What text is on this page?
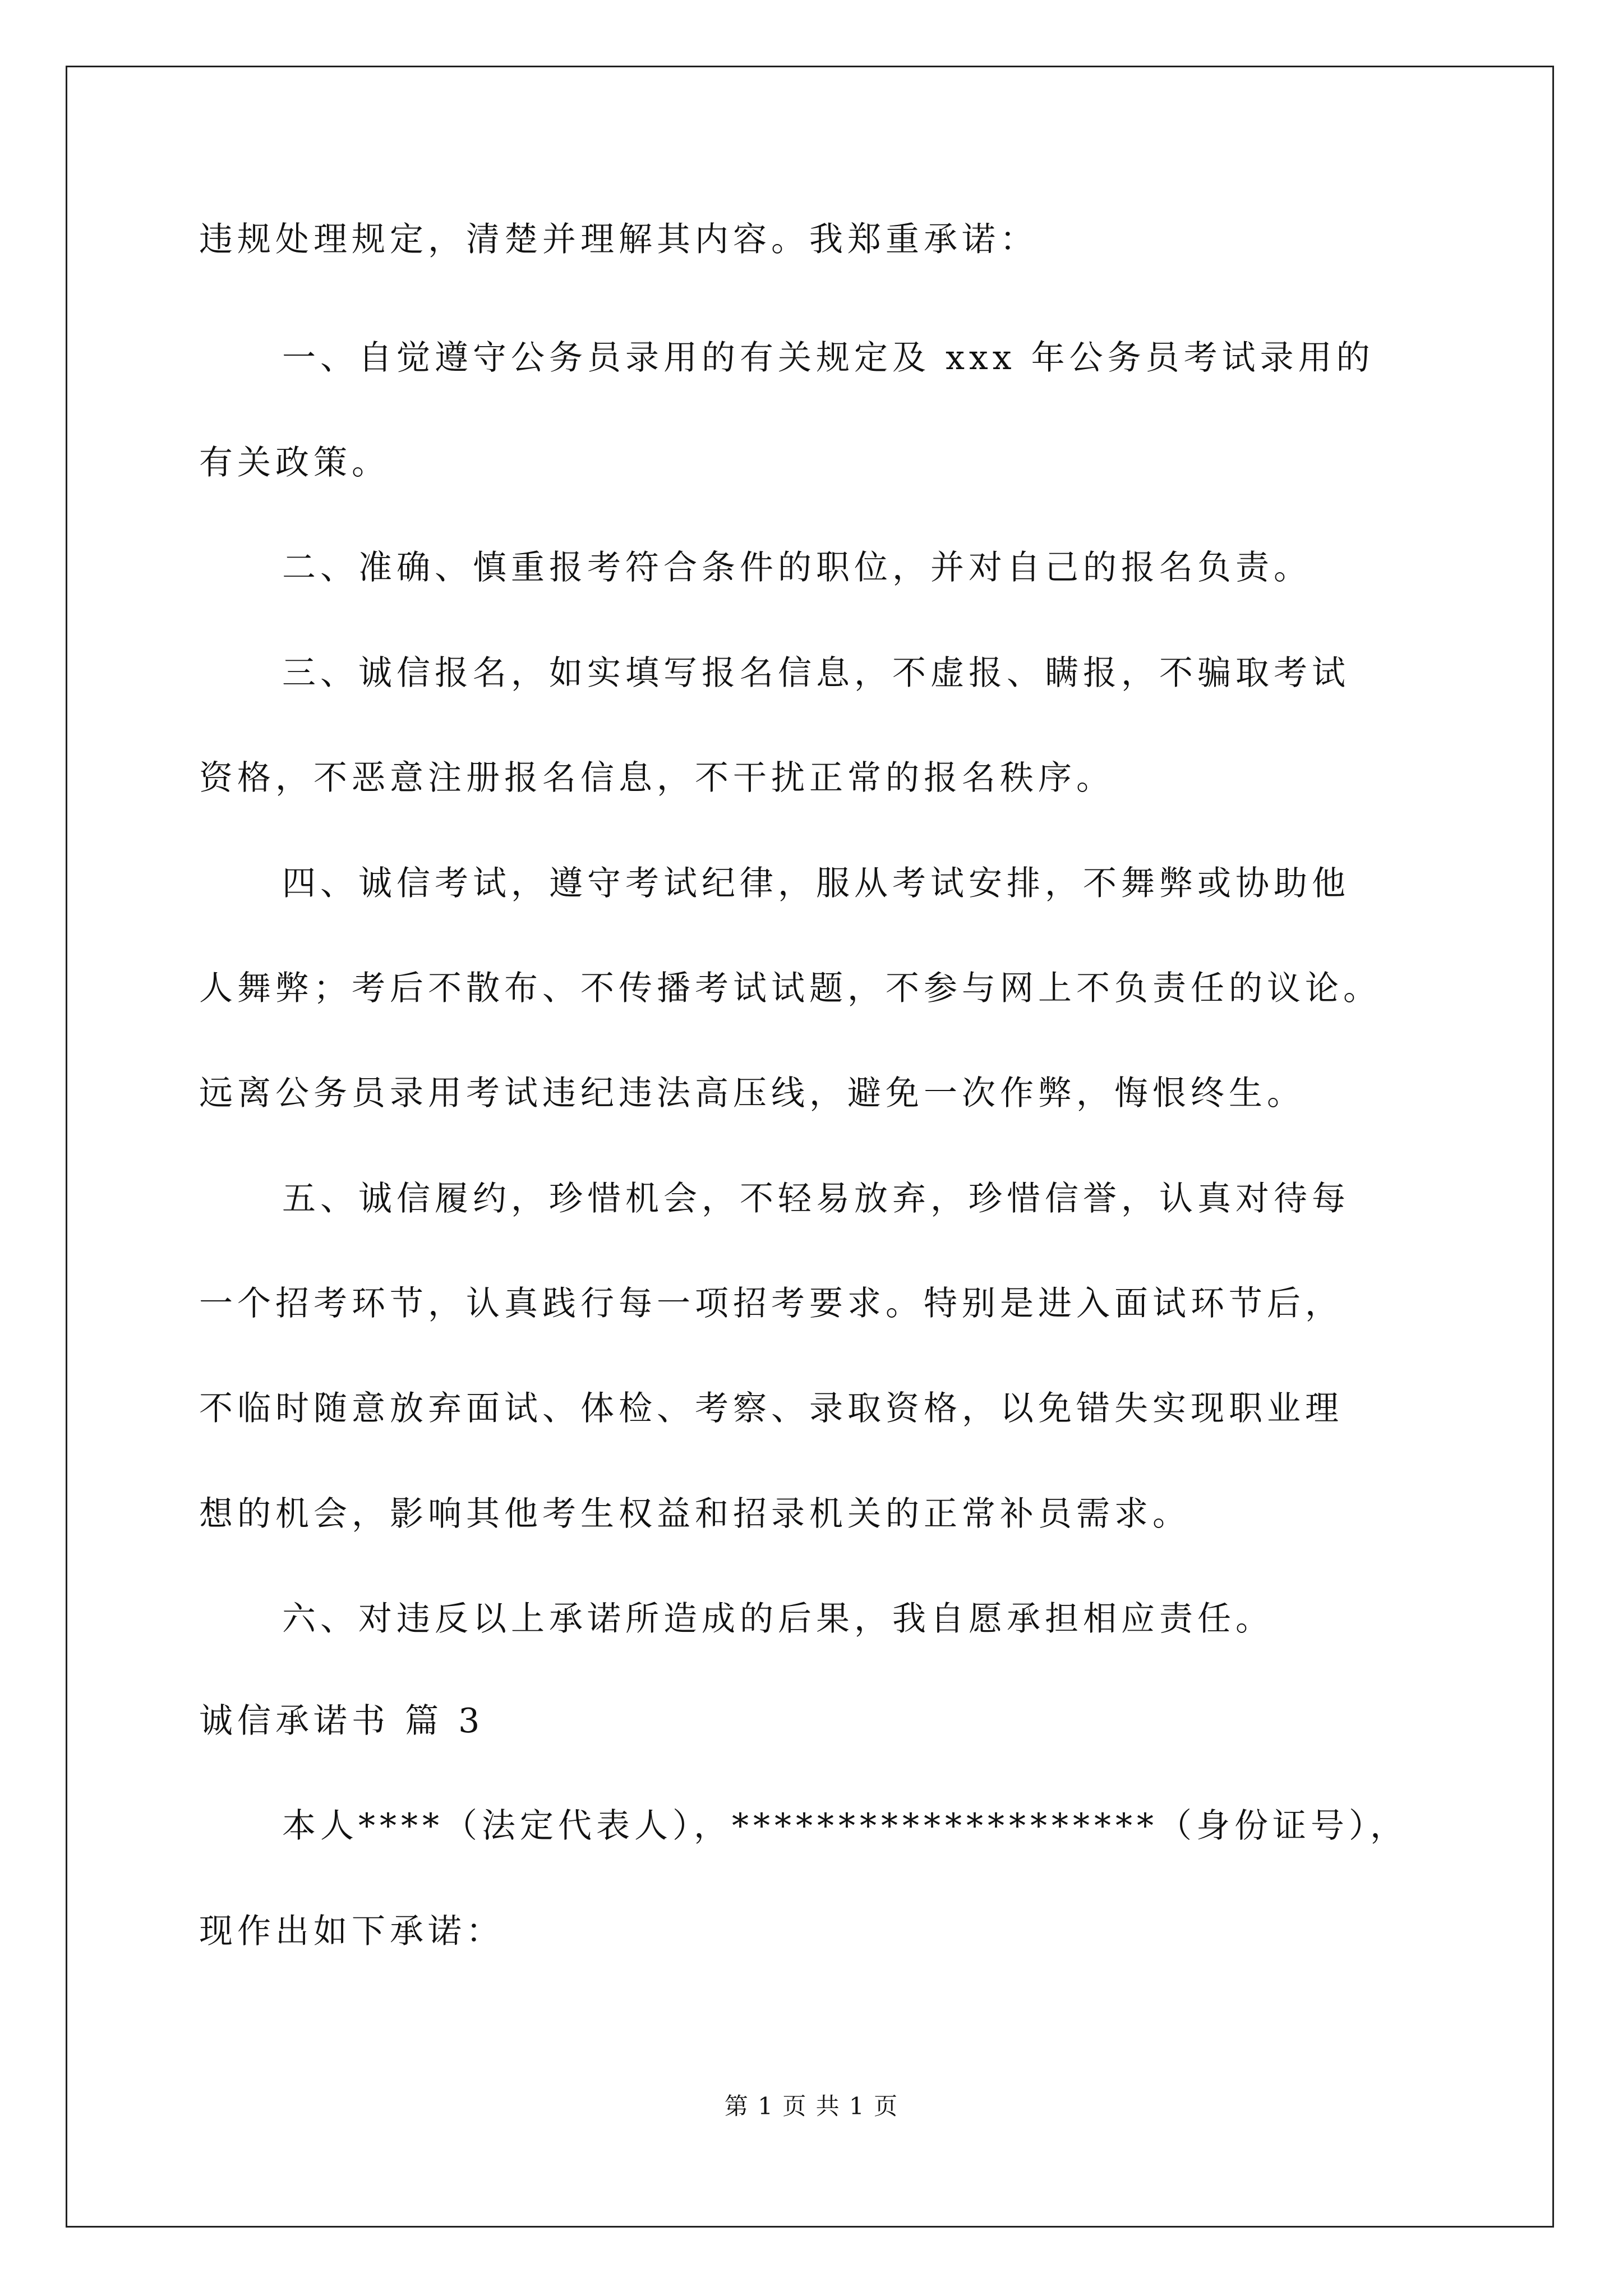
违规处理规定，清楚并理解其内容。我郑重承诺：
一、自觉遵守公务员录用的有关规定及 xxx 年公务员考试录用的
有关政策。
二、准确、慎重报考符合条件的职位，并对自己的报名负责。
三、诚信报名，如实填写报名信息，不虚报、瞒报，不骗取考试
资格，不恶意注册报名信息，不干扰正常的报名秩序。
四、诚信考试，遵守考试纪律，服从考试安排，不舞弊或协助他
人舞弊；考后不散布、不传播考试试题，不参与网上不负责任的议论。
远离公务员录用考试违纪违法高压线，避免一次作弊，悔恨终生。
五、诚信履约，珍惜机会，不轻易放弃，珍惜信誉，认真对待每
一个招考环节，认真践行每一项招考要求。特别是进入面试环节后，
不临时随意放弃面试、体检、考察、录取资格，以免错失实现职业理
想的机会，影响其他考生权益和招录机关的正常补员需求。
六、对违反以上承诺所造成的后果，我自愿承担相应责任。
诚信承诺书 篇 3
本人****（法定代表人），********************（身份证号），
现作出如下承诺：
第 1 页 共 1 页
